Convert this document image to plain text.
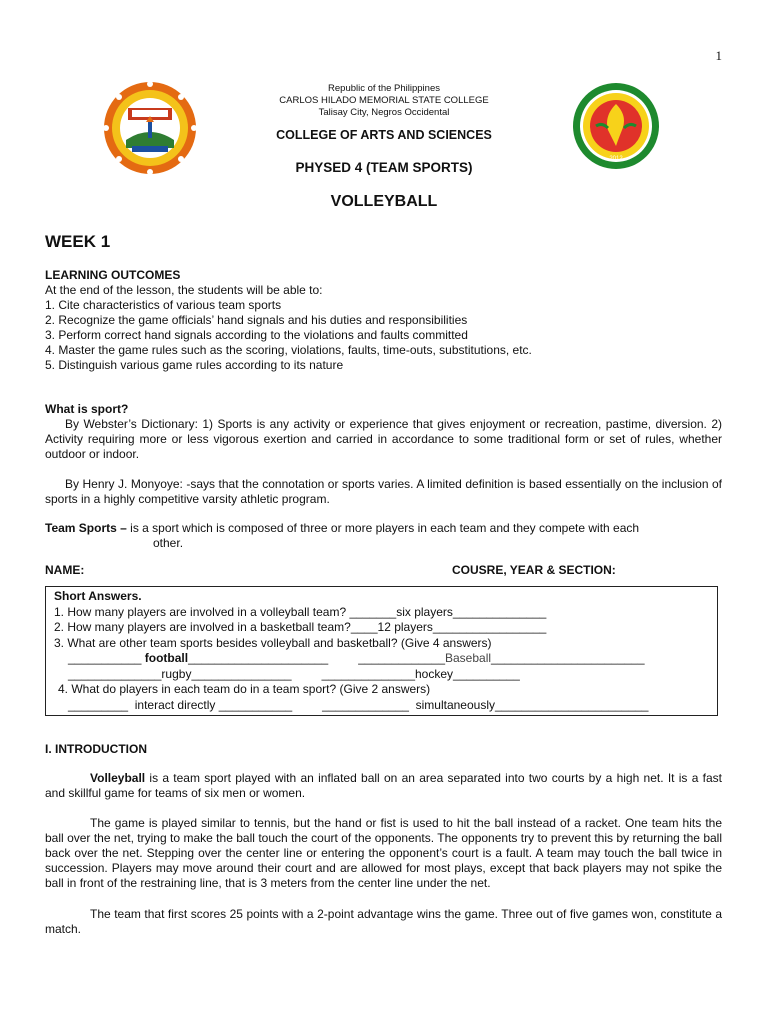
1
2012
Republic of the Philippines
CARLOS HILADO MEMORIAL STATE COLLEGE
Talisay City, Negros Occidental
COLLEGE OF ARTS AND SCIENCES
PHYSED 4 (TEAM SPORTS)
VOLLEYBALL
WEEK 1
LEARNING OUTCOMES
At the end of the lesson, the students will be able to:
1. Cite characteristics of various team sports
2. Recognize the game officials’ hand signals and his duties and responsibilities
3. Perform correct hand signals according to the violations and faults committed
4. Master the game rules such as the scoring, violations, faults, time-outs, substitutions, etc.
5. Distinguish various game rules according to its nature
What is sport?
By Webster’s Dictionary: 1) Sports is any activity or experience that gives enjoyment or recreation, pastime, diversion. 2) Activity requiring more or less vigorous exertion and carried in accordance to some traditional form or set of rules, whether outdoor or indoor.

By Henry J. Monyoye: -says that the connotation or sports varies. A limited definition is based essentially on the inclusion of sports in a highly competitive varsity athletic program.

Team Sports – is a sport which is composed of three or more players in each team and they compete with each
other.
NAME:	COUSRE, YEAR & SECTION:
Short Answers.
1. How many players are involved in a volleyball team? _______six players______________
2. How many players are involved in a basketball team?____12 players_________________
3. What are other team sports besides volleyball and basketball? (Give 4 answers)
___________ football_____________________         _____________Baseball_______________________
______________rugby_______________         ______________hockey__________
4. What do players in each team do in a team sport? (Give 2 answers)
_________  interact directly ___________         _____________  simultaneously_______________________
I. INTRODUCTION

Volleyball is a team sport played with an inflated ball on an area separated into two courts by a high net. It is a fast and skillful game for teams of six men or women.

The game is played similar to tennis, but the hand or fist is used to hit the ball instead of a racket. One team hits the ball over the net, trying to make the ball touch the court of the opponents. The opponents try to prevent this by returning the ball back over the net. Stepping over the center line or entering the opponent’s court is a fault. A team may touch the ball twice in succession. Players may move around their court and are allowed for most plays, except that back players may not spike the ball in front of the restraining line, that is 3 meters from the center line under the net.

The team that first scores 25 points with a 2-point advantage wins the game. Three out of five games won, constitute a match.
